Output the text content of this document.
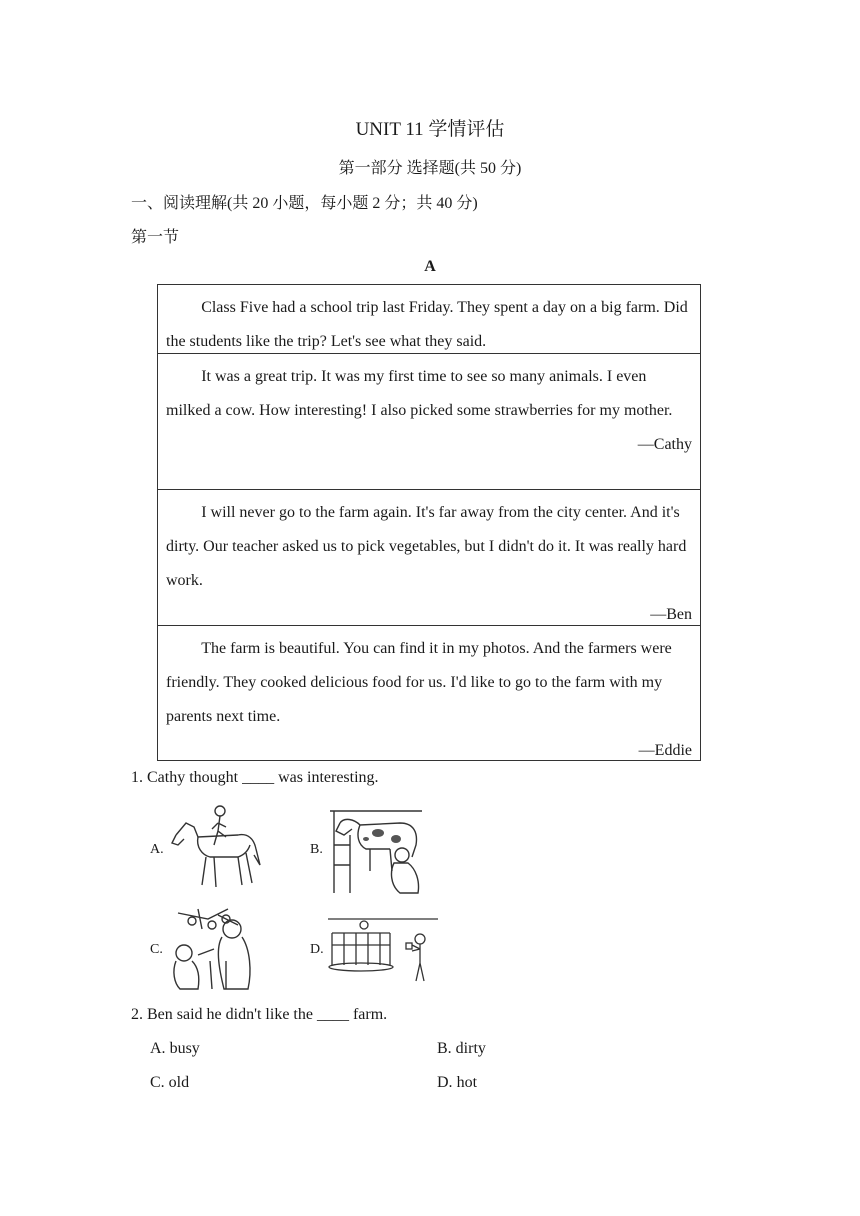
UNIT 11 学情评估
第一部分 选择题(共 50 分)
一、阅读理解(共 20 小题，每小题 2 分；共 40 分)
第一节
A

Class Five had a school trip last Friday. They spent a day on a big farm. Did the students like the trip? Let's see what they said.

It was a great trip. It was my first time to see so many animals. I even milked a cow. How interesting! I also picked some strawberries for my mother.

—Cathy

I will never go to the farm again. It's far away from the city center. And it's dirty. Our teacher asked us to pick vegetables, but I didn't do it. It was really hard work.

—Ben

The farm is beautiful. You can find it in my photos. And the farmers were friendly. They cooked delicious food for us. I'd like to go to the farm with my parents next time.

—Eddie
1. Cathy thought ____ was interesting.
A.	B.
C.	D.
2. Ben said he didn't like the ____ farm.
A. busy	B. dirty
C. old	D. hot
